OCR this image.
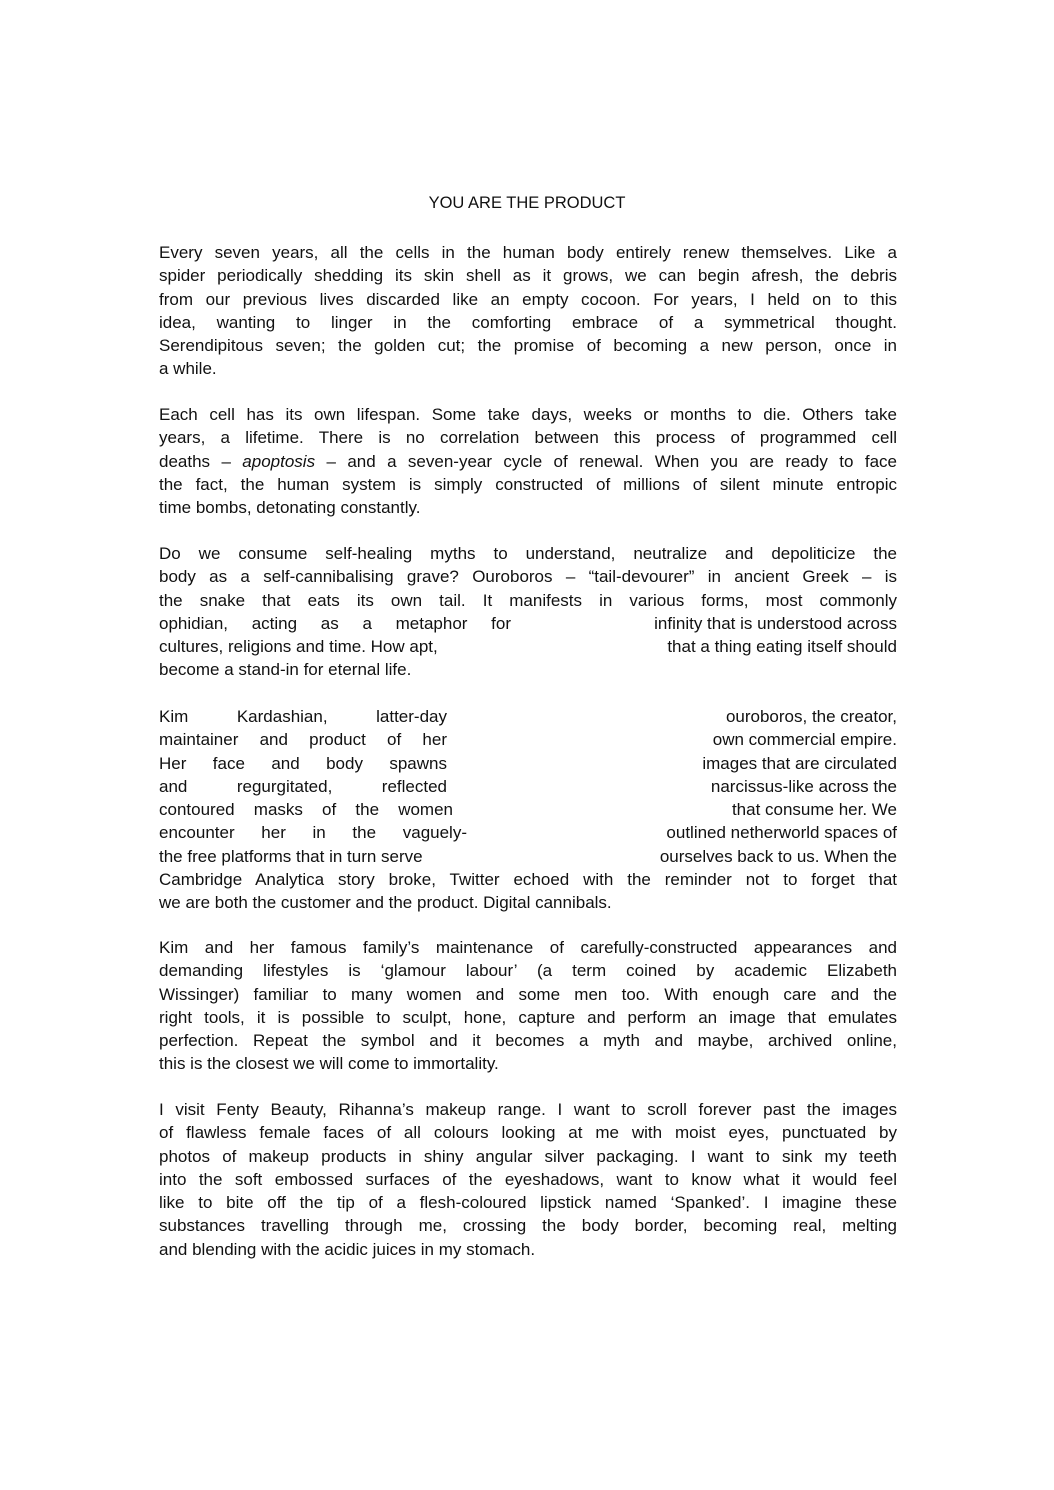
YOU ARE THE PRODUCT
Every seven years, all the cells in the human body entirely renew themselves. Like a
spider periodically shedding its skin shell as it grows, we can begin afresh, the debris
from our previous lives discarded like an empty cocoon. For years, I held on to this
idea, wanting to linger in the comforting embrace of a symmetrical thought.
Serendipitous seven; the golden cut; the promise of becoming a new person, once in
a while.
Each cell has its own lifespan. Some take days, weeks or months to die. Others take
years, a lifetime. There is no correlation between this process of programmed cell
deaths – apoptosis – and a seven-year cycle of renewal. When you are ready to face
the fact, the human system is simply constructed of millions of silent minute entropic
time bombs, detonating constantly.
Do we consume self-healing myths to understand, neutralize and depoliticize the
body as a self-cannibalising grave? Ouroboros – “tail-devourer” in ancient Greek – is
the snake that eats its own tail. It manifests in various forms, most commonly
ophidian, acting as a metaphor for	infinity that is understood across
cultures, religions and time. How apt,	that a thing eating itself should
become a stand-in for eternal life.
Kim Kardashian, latter-day	ouroboros, the creator,
maintainer and product of her	own commercial empire.
Her face and body spawns	images that are circulated
and regurgitated, reflected	narcissus-like across the
contoured masks of the women	that consume her. We
encounter her in the vaguely-	outlined netherworld spaces of
the free platforms that in turn serve	ourselves back to us. When the
Cambridge Analytica story broke, Twitter echoed with the reminder not to forget that
we are both the customer and the product. Digital cannibals.
Kim and her famous family’s maintenance of carefully-constructed appearances and
demanding lifestyles is ‘glamour labour’ (a term coined by academic Elizabeth
Wissinger) familiar to many women and some men too. With enough care and the
right tools, it is possible to sculpt, hone, capture and perform an image that emulates
perfection. Repeat the symbol and it becomes a myth and maybe, archived online,
this is the closest we will come to immortality.
I visit Fenty Beauty, Rihanna’s makeup range. I want to scroll forever past the images
of flawless female faces of all colours looking at me with moist eyes, punctuated by
photos of makeup products in shiny angular silver packaging. I want to sink my teeth
into the soft embossed surfaces of the eyeshadows, want to know what it would feel
like to bite off the tip of a flesh-coloured lipstick named ‘Spanked’. I imagine these
substances travelling through me, crossing the body border, becoming real, melting
and blending with the acidic juices in my stomach.
